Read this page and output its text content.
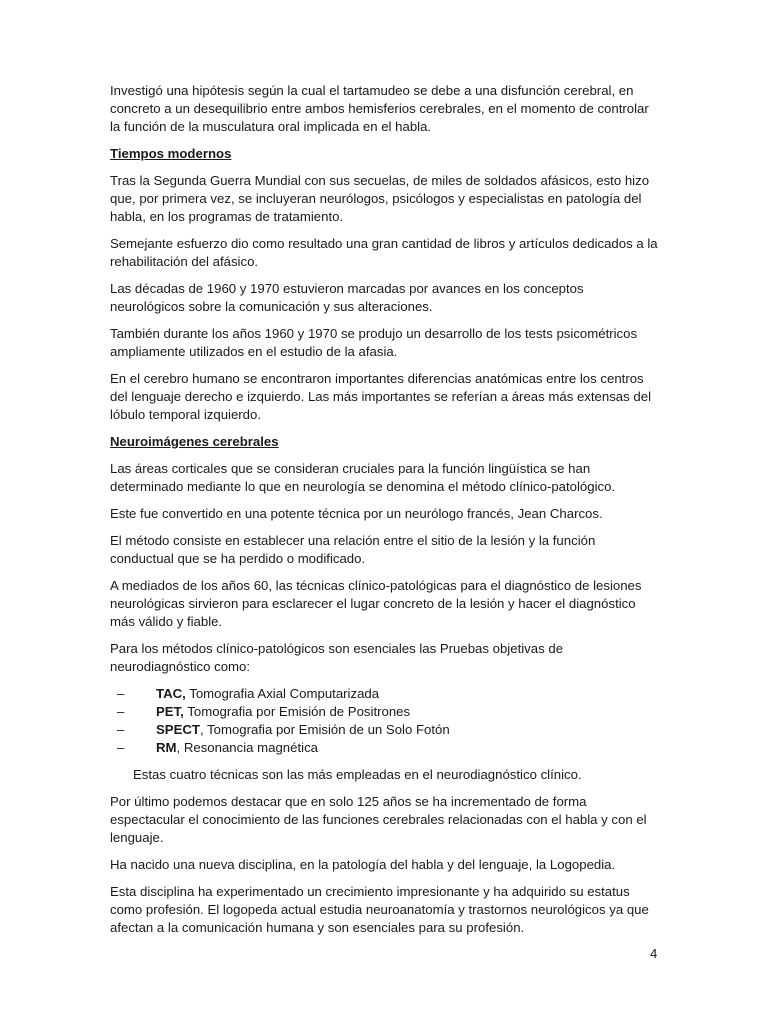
Investigó una hipótesis según la cual el tartamudeo se debe a una disfunción cerebral, en concreto a un desequilibrio entre ambos hemisferios cerebrales, en el momento de controlar la función de la musculatura oral implicada en el habla.

Tiempos modernos

Tras la Segunda Guerra Mundial con sus secuelas, de miles de soldados afásicos, esto hizo que, por primera vez, se incluyeran neurólogos, psicólogos y especialistas en patología del habla, en los programas de tratamiento.

Semejante esfuerzo dio como resultado una gran cantidad de libros y artículos dedicados a la rehabilitación del afásico.

Las décadas de 1960 y 1970 estuvieron marcadas por avances en los conceptos neurológicos sobre la comunicación y sus alteraciones.

También durante los años 1960 y 1970 se produjo un desarrollo de los tests psicométricos ampliamente utilizados en el estudio de la afasia.

En el cerebro humano se encontraron importantes diferencias anatómicas entre los centros del lenguaje derecho e izquierdo. Las más importantes se referían a áreas más extensas del lóbulo temporal izquierdo.

Neuroimágenes cerebrales

Las áreas corticales que se consideran cruciales para la función lingüística se han determinado mediante lo que en neurología se denomina el método clínico-patológico.

Este fue convertido en una potente técnica por un neurólogo francés, Jean Charcos.

El método consiste en establecer una relación entre el sitio de la lesión y la función conductual que se ha perdido o modificado.

A mediados de los años 60, las técnicas clínico-patológicas para el diagnóstico de lesiones neurológicas sirvieron para esclarecer el lugar concreto de la lesión y hacer el diagnóstico más válido y fiable.

Para los métodos clínico-patológicos son esenciales las Pruebas objetivas de neurodiagnóstico como:

– TAC, Tomografia Axial Computarizada
– PET, Tomografia por Emisión de Positrones
– SPECT, Tomografia por Emisión de un Solo Fotón
– RM, Resonancia magnética

Estas cuatro técnicas son las más empleadas en el neurodiagnóstico clínico.

Por último podemos destacar que en solo 125 años se ha incrementado de forma espectacular el conocimiento de las funciones cerebrales relacionadas con el habla y con el lenguaje.

Ha nacido una nueva disciplina, en la patología del habla y del lenguaje, la Logopedia.

Esta disciplina ha experimentado un crecimiento impresionante y ha adquirido su estatus como profesión. El logopeda actual estudia neuroanatomía y trastornos neurológicos ya que afectan a la comunicación humana y son esenciales para su profesión.

4
